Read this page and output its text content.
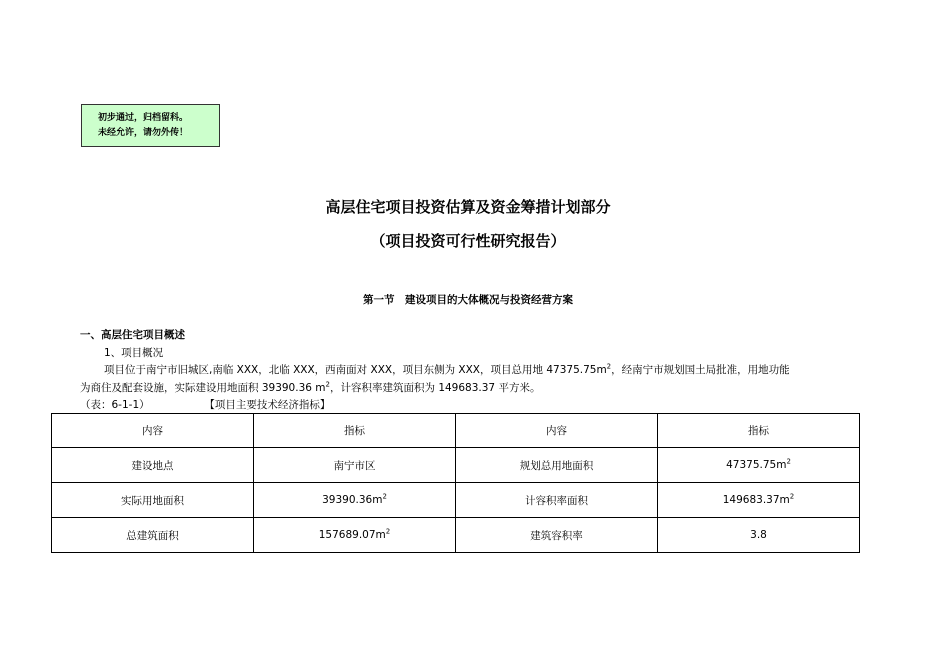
初步通过，归档留科。
未经允许，请勿外传！
高层住宅项目投资估算及资金筹措计划部分
（项目投资可行性研究报告）
第一节　建设项目的大体概况与投资经营方案
一、高层住宅项目概述
1、项目概况
项目位于南宁市旧城区,南临 XXX，北临 XXX，西南面对 XXX，项目东侧为 XXX，项目总用地 $47375.75m^2$，经南宁市规划国土局批准，用地功能
为商住及配套设施，实际建设用地面积 39390.36 $m^2$，计容积率建筑面积为 149683.37 平方米。
（表：6-1-1）	【项目主要技术经济指标】
内容	指标	内容	指标
建设地点	南宁市区	规划总用地面积	$47375.75m^2$
实际用地面积	$39390.36m^2$	计容积率面积	$149683.37m^2$
总建筑面积	$157689.07m^2$	建筑容积率	3.8
